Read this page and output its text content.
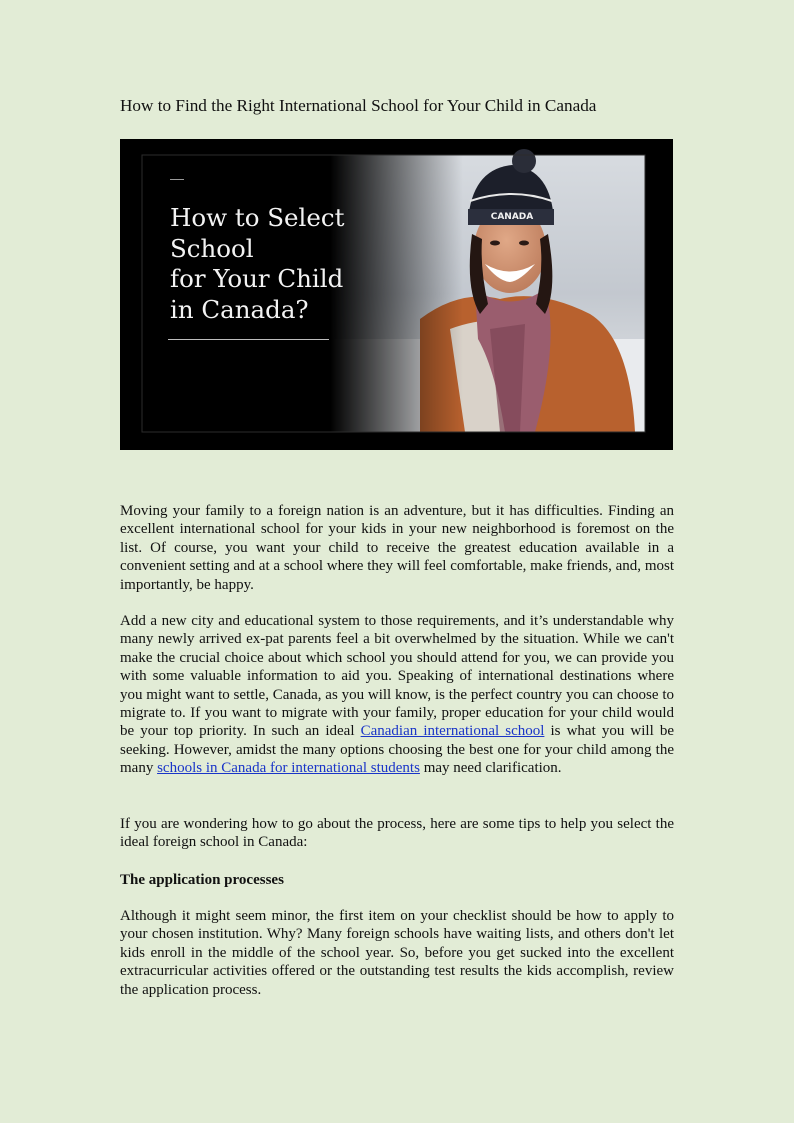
How to Find the Right International School for Your Child in Canada
How to Select
School
for Your Child
in Canada?
Moving your family to a foreign nation is an adventure, but it has difficulties. Finding an excellent international school for your kids in your new neighborhood is foremost on the list. Of course, you want your child to receive the greatest education available in a convenient setting and at a school where they will feel comfortable, make friends, and, most importantly, be happy.
Add a new city and educational system to those requirements, and it’s understandable why many newly arrived ex-pat parents feel a bit overwhelmed by the situation. While we can't make the crucial choice about which school you should attend for you, we can provide you with some valuable information to aid you. Speaking of international destinations where you might want to settle, Canada, as you will know, is the perfect country you can choose to migrate to. If you want to migrate with your family, proper education for your child would be your top priority. In such an ideal Canadian international school is what you will be seeking. However, amidst the many options choosing the best one for your child among the many schools in Canada for international students may need clarification.
If you are wondering how to go about the process, here are some tips to help you select the ideal foreign school in Canada:
The application processes
Although it might seem minor, the first item on your checklist should be how to apply to your chosen institution. Why? Many foreign schools have waiting lists, and others don't let kids enroll in the middle of the school year. So, before you get sucked into the excellent extracurricular activities offered or the outstanding test results the kids accomplish, review the application process.
